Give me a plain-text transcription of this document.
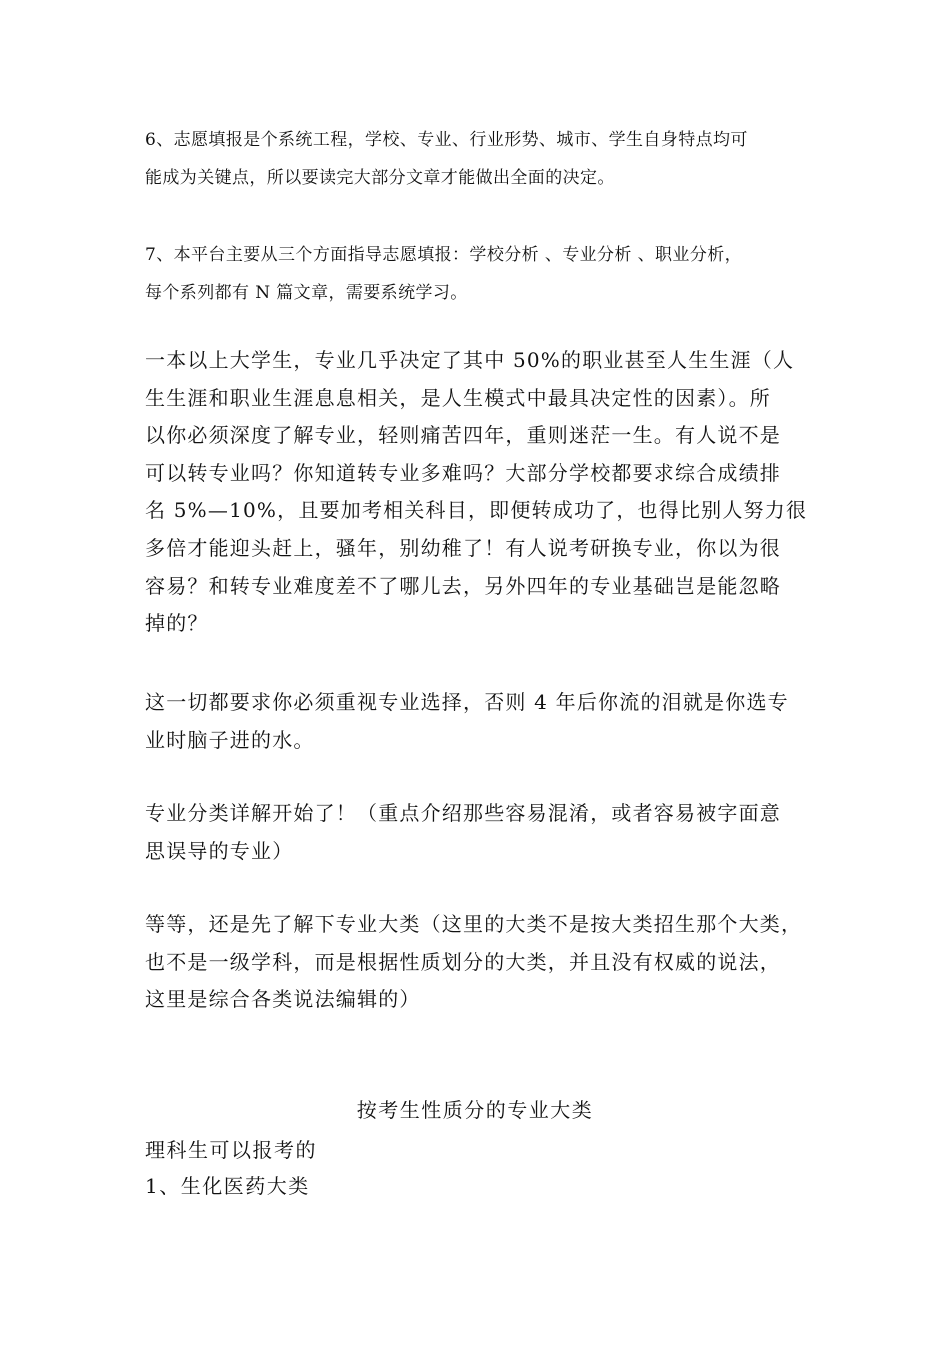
6、志愿填报是个系统工程，学校、专业、行业形势、城市、学生自身特点均可
能成为关键点，所以要读完大部分文章才能做出全面的决定。
7、本平台主要从三个方面指导志愿填报：学校分析 、专业分析 、职业分析，
每个系列都有 N 篇文章，需要系统学习。
一本以上大学生，专业几乎决定了其中 50%的职业甚至人生生涯（人
生生涯和职业生涯息息相关，是人生模式中最具决定性的因素）。所
以你必须深度了解专业，轻则痛苦四年，重则迷茫一生。有人说不是
可以转专业吗？你知道转专业多难吗？大部分学校都要求综合成绩排
名 5%—10%，且要加考相关科目，即便转成功了，也得比别人努力很
多倍才能迎头赶上，骚年，别幼稚了！有人说考研换专业，你以为很
容易？和转专业难度差不了哪儿去，另外四年的专业基础岂是能忽略
掉的？
这一切都要求你必须重视专业选择，否则 4 年后你流的泪就是你选专
业时脑子进的水。
专业分类详解开始了！（重点介绍那些容易混淆，或者容易被字面意
思误导的专业）
等等，还是先了解下专业大类（这里的大类不是按大类招生那个大类，
也不是一级学科，而是根据性质划分的大类，并且没有权威的说法，
这里是综合各类说法编辑的）
按考生性质分的专业大类
理科生可以报考的
1、生化医药大类
